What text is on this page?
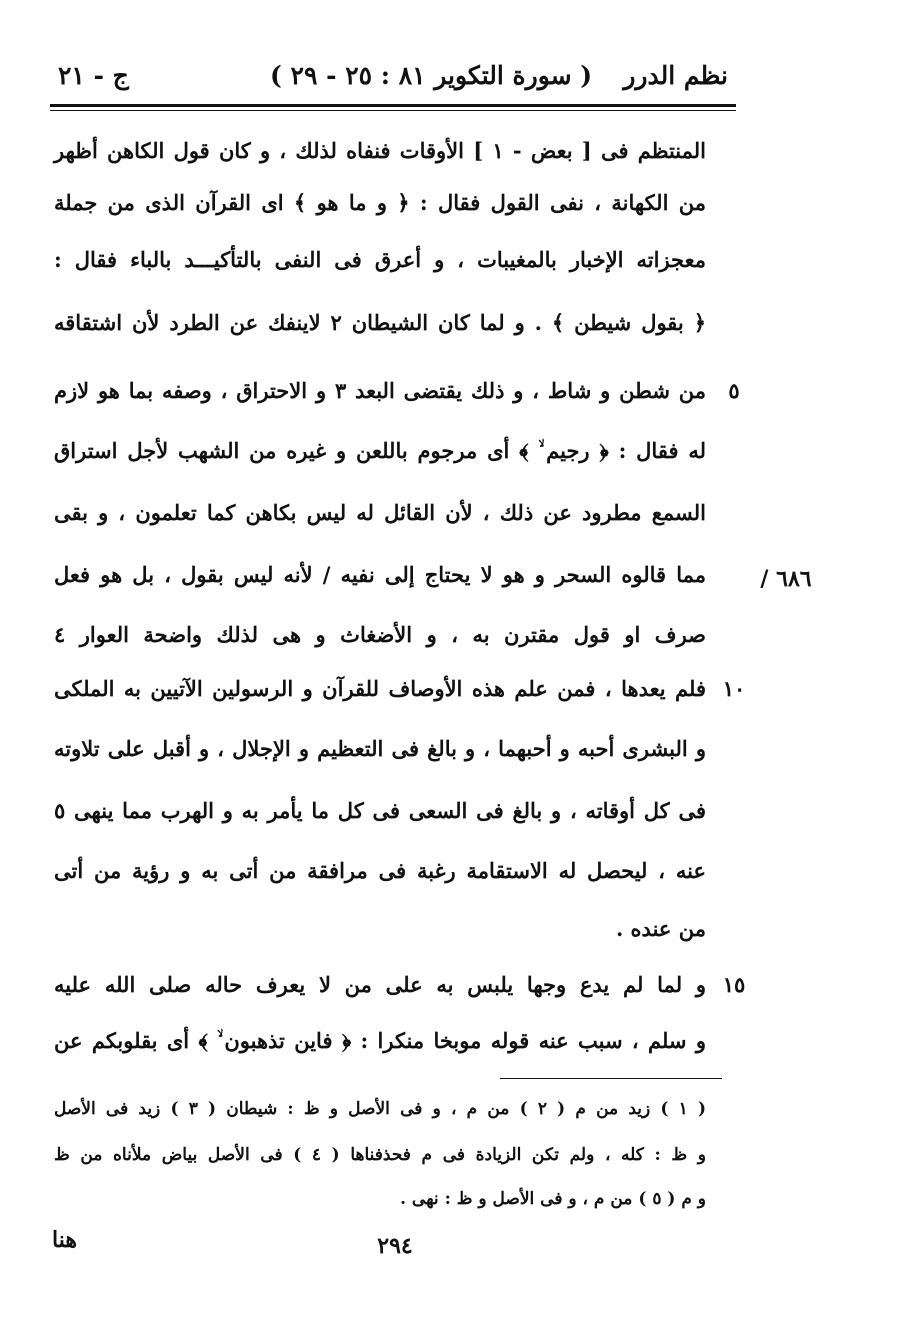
نظم الدرر
( سورة التكوير ٨١ : ٢٥ - ٢٩ )
ج - ٢١
المنتظم فى [ بعض - ١ ] الأوقات فنفاه لذلك ، و كان قول الكاهن أظهر
من الكهانة ، نفى القول فقال : ﴿ و ما هو ﴾ اى القرآن الذى من جملة
معجزاته الإخبار بالمغيبات ، و أعرق فى النفى بالتأكيـــد بالباء فقال :
﴿ بقول شيطن ﴾ . و لما كان الشيطان ٢ لاينفك عن الطرد لأن اشتقاقه
من شطن و شاط ، و ذلك يقتضى البعد ٣ و الاحتراق ، وصفه بما هو لازم	٥
له فقال : ﴿ رجيم ۙ ﴾ أى مرجوم باللعن و غيره من الشهب لأجل استراق
السمع مطرود عن ذلك ، لأن القائل له ليس بكاهن كما تعلمون ، و بقى
مما قالوه السحر و هو لا يحتاج إلى نفيه / لأنه ليس بقول ، بل هو فعل ٦٨٦ /
صرف او قول مقترن به ، و الأضغاث و هى لذلك واضحة العوار ٤
فلم يعدها ، فمن علم هذه الأوصاف للقرآن و الرسولين الآتيين به الملكى ١٠
و البشرى أحبه و أحبهما ، و بالغ فى التعظيم و الإجلال ، و أقبل على تلاوته
فى كل أوقاته ، و بالغ فى السعى فى كل ما يأمر به و الهرب مما ينهى ٥
عنه ، ليحصل له الاستقامة رغبة فى مرافقة من أتى به و رؤية من أتى
من عنده .
و لما لم يدع وجها يلبس به على من لا يعرف حاله صلى الله عليه ١٥
و سلم ، سبب عنه قوله موبخا منكرا : ﴿ فاين تذهبون ۙ ﴾ أى بقلوبكم عن
( ١ ) زيد من م ( ٢ ) من م ، و فى الأصل و ظ : شيطان ( ٣ ) زيد فى الأصل
و ظ : كله ، ولم تكن الزيادة فى م فحذفناها ( ٤ ) فى الأصل بياض ملأناه من ظ
و م ( ٥ ) من م ، و فى الأصل و ظ : نهى .
٢٩٤
هنا
